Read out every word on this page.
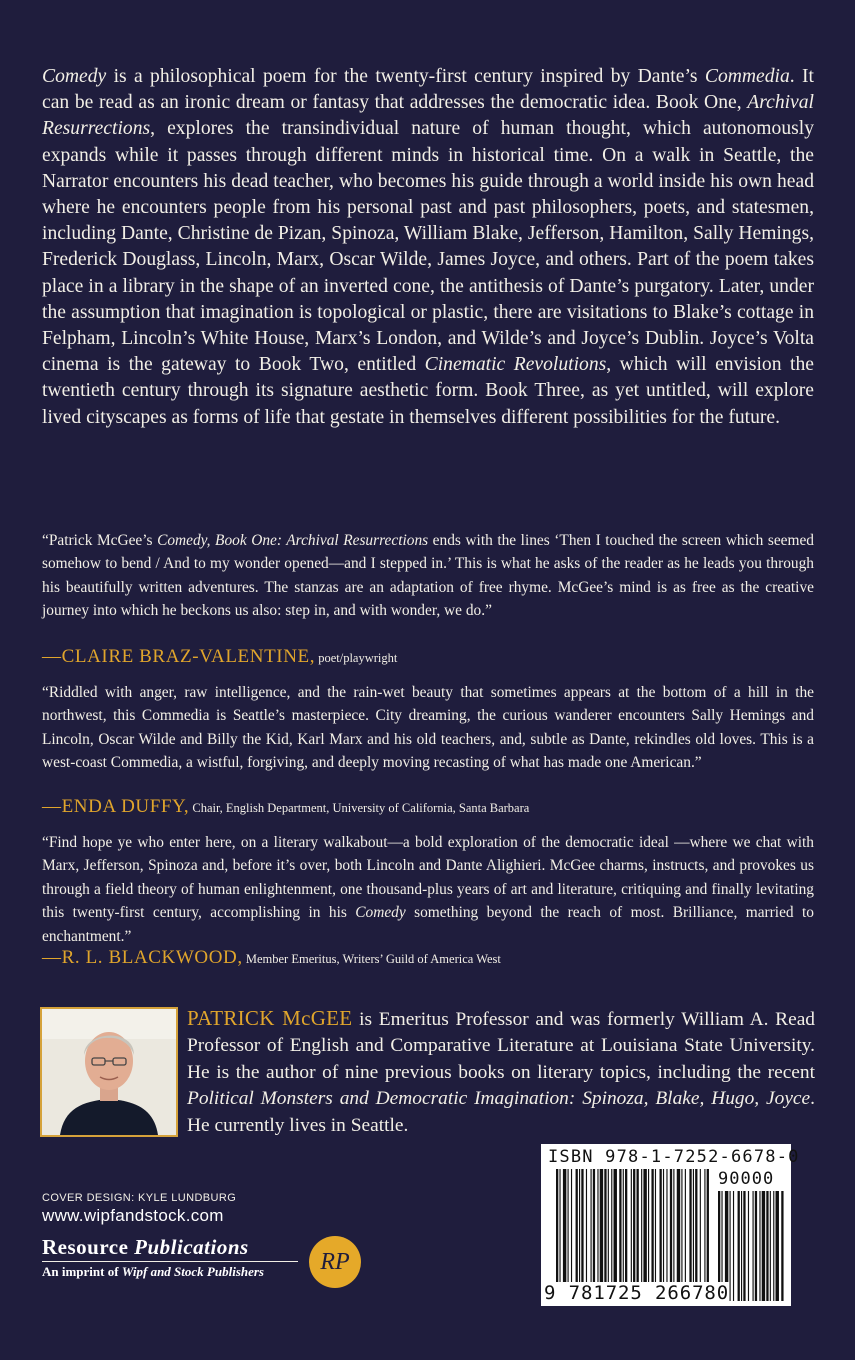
Comedy is a philosophical poem for the twenty-first century inspired by Dante’s Commedia. It can be read as an ironic dream or fantasy that addresses the democratic idea. Book One, Archival Resurrections, explores the transindividual nature of human thought, which autonomously expands while it passes through different minds in historical time. On a walk in Seattle, the Narrator encounters his dead teacher, who becomes his guide through a world inside his own head where he encounters people from his personal past and past philosophers, poets, and statesmen, including Dante, Christine de Pizan, Spinoza, William Blake, Jefferson, Hamilton, Sally Hemings, Frederick Douglass, Lincoln, Marx, Oscar Wilde, James Joyce, and others. Part of the poem takes place in a library in the shape of an inverted cone, the antithesis of Dante’s purgatory. Later, under the assumption that imagination is topological or plastic, there are visitations to Blake’s cottage in Felpham, Lincoln’s White House, Marx’s London, and Wilde’s and Joyce’s Dublin. Joyce’s Volta cinema is the gateway to Book Two, entitled Cinematic Revolutions, which will envision the twentieth century through its signature aesthetic form. Book Three, as yet untitled, will explore lived cityscapes as forms of life that gestate in themselves different possibilities for the future.

“Patrick McGee’s Comedy, Book One: Archival Resurrections ends with the lines ‘Then I touched the screen which seemed somehow to bend / And to my wonder opened—and I stepped in.’ This is what he asks of the reader as he leads you through his beautifully written adventures. The stanzas are an adaptation of free rhyme. McGee’s mind is as free as the creative journey into which he beckons us also: step in, and with wonder, we do.”

—CLAIRE BRAZ-VALENTINE, poet/playwright

“Riddled with anger, raw intelligence, and the rain-wet beauty that sometimes appears at the bottom of a hill in the northwest, this Commedia is Seattle’s masterpiece. City dreaming, the curious wanderer encounters Sally Hemings and Lincoln, Oscar Wilde and Billy the Kid, Karl Marx and his old teachers, and, subtle as Dante, rekindles old loves. This is a west-coast Commedia, a wistful, forgiving, and deeply moving recasting of what has made one American.”

—ENDA DUFFY, Chair, English Department, University of California, Santa Barbara

“Find hope ye who enter here, on a literary walkabout—a bold exploration of the democratic ideal —where we chat with Marx, Jefferson, Spinoza and, before it’s over, both Lincoln and Dante Alighieri. McGee charms, instructs, and provokes us through a field theory of human enlightenment, one thousand-plus years of art and literature, critiquing and finally levitating this twenty-first century, accomplishing in his Comedy something beyond the reach of most. Brilliance, married to enchantment.”

—R. L. BLACKWOOD, Member Emeritus, Writers’ Guild of America West

PATRICK McGEE is Emeritus Professor and was formerly William A. Read Professor of English and Comparative Literature at Louisiana State University. He is the author of nine previous books on literary topics, including the recent Political Monsters and Democratic Imagination: Spinoza, Blake, Hugo, Joyce. He currently lives in Seattle.

ISBN 978-1-7252-6678-0
90000
9 781725 266780
COVER DESIGN: KYLE LUNDBURG
www.wipfandstock.com
Resource Publications
An imprint of Wipf and Stock Publishers	RP
